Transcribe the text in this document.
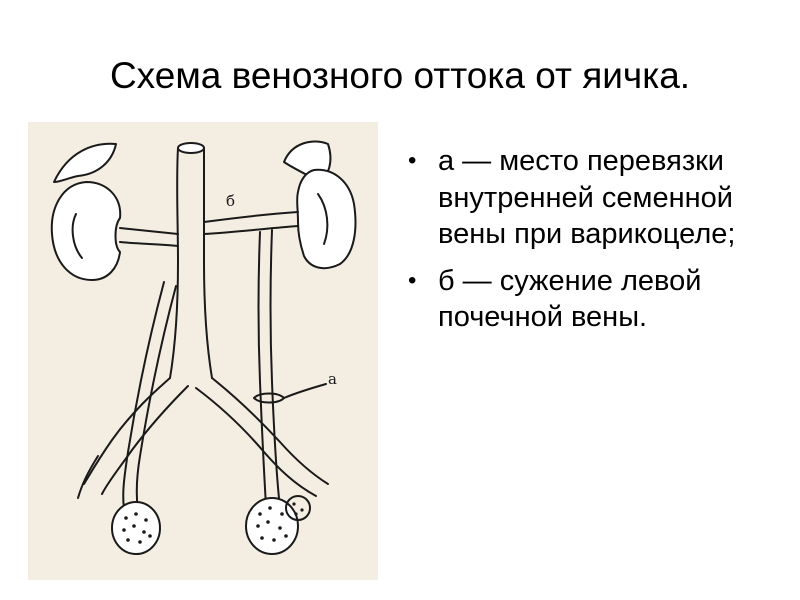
Схема венозного оттока от яичка.
б
а
• а — место перевязки внутренней семенной вены при варикоцеле;
• б — сужение левой почечной вены.
